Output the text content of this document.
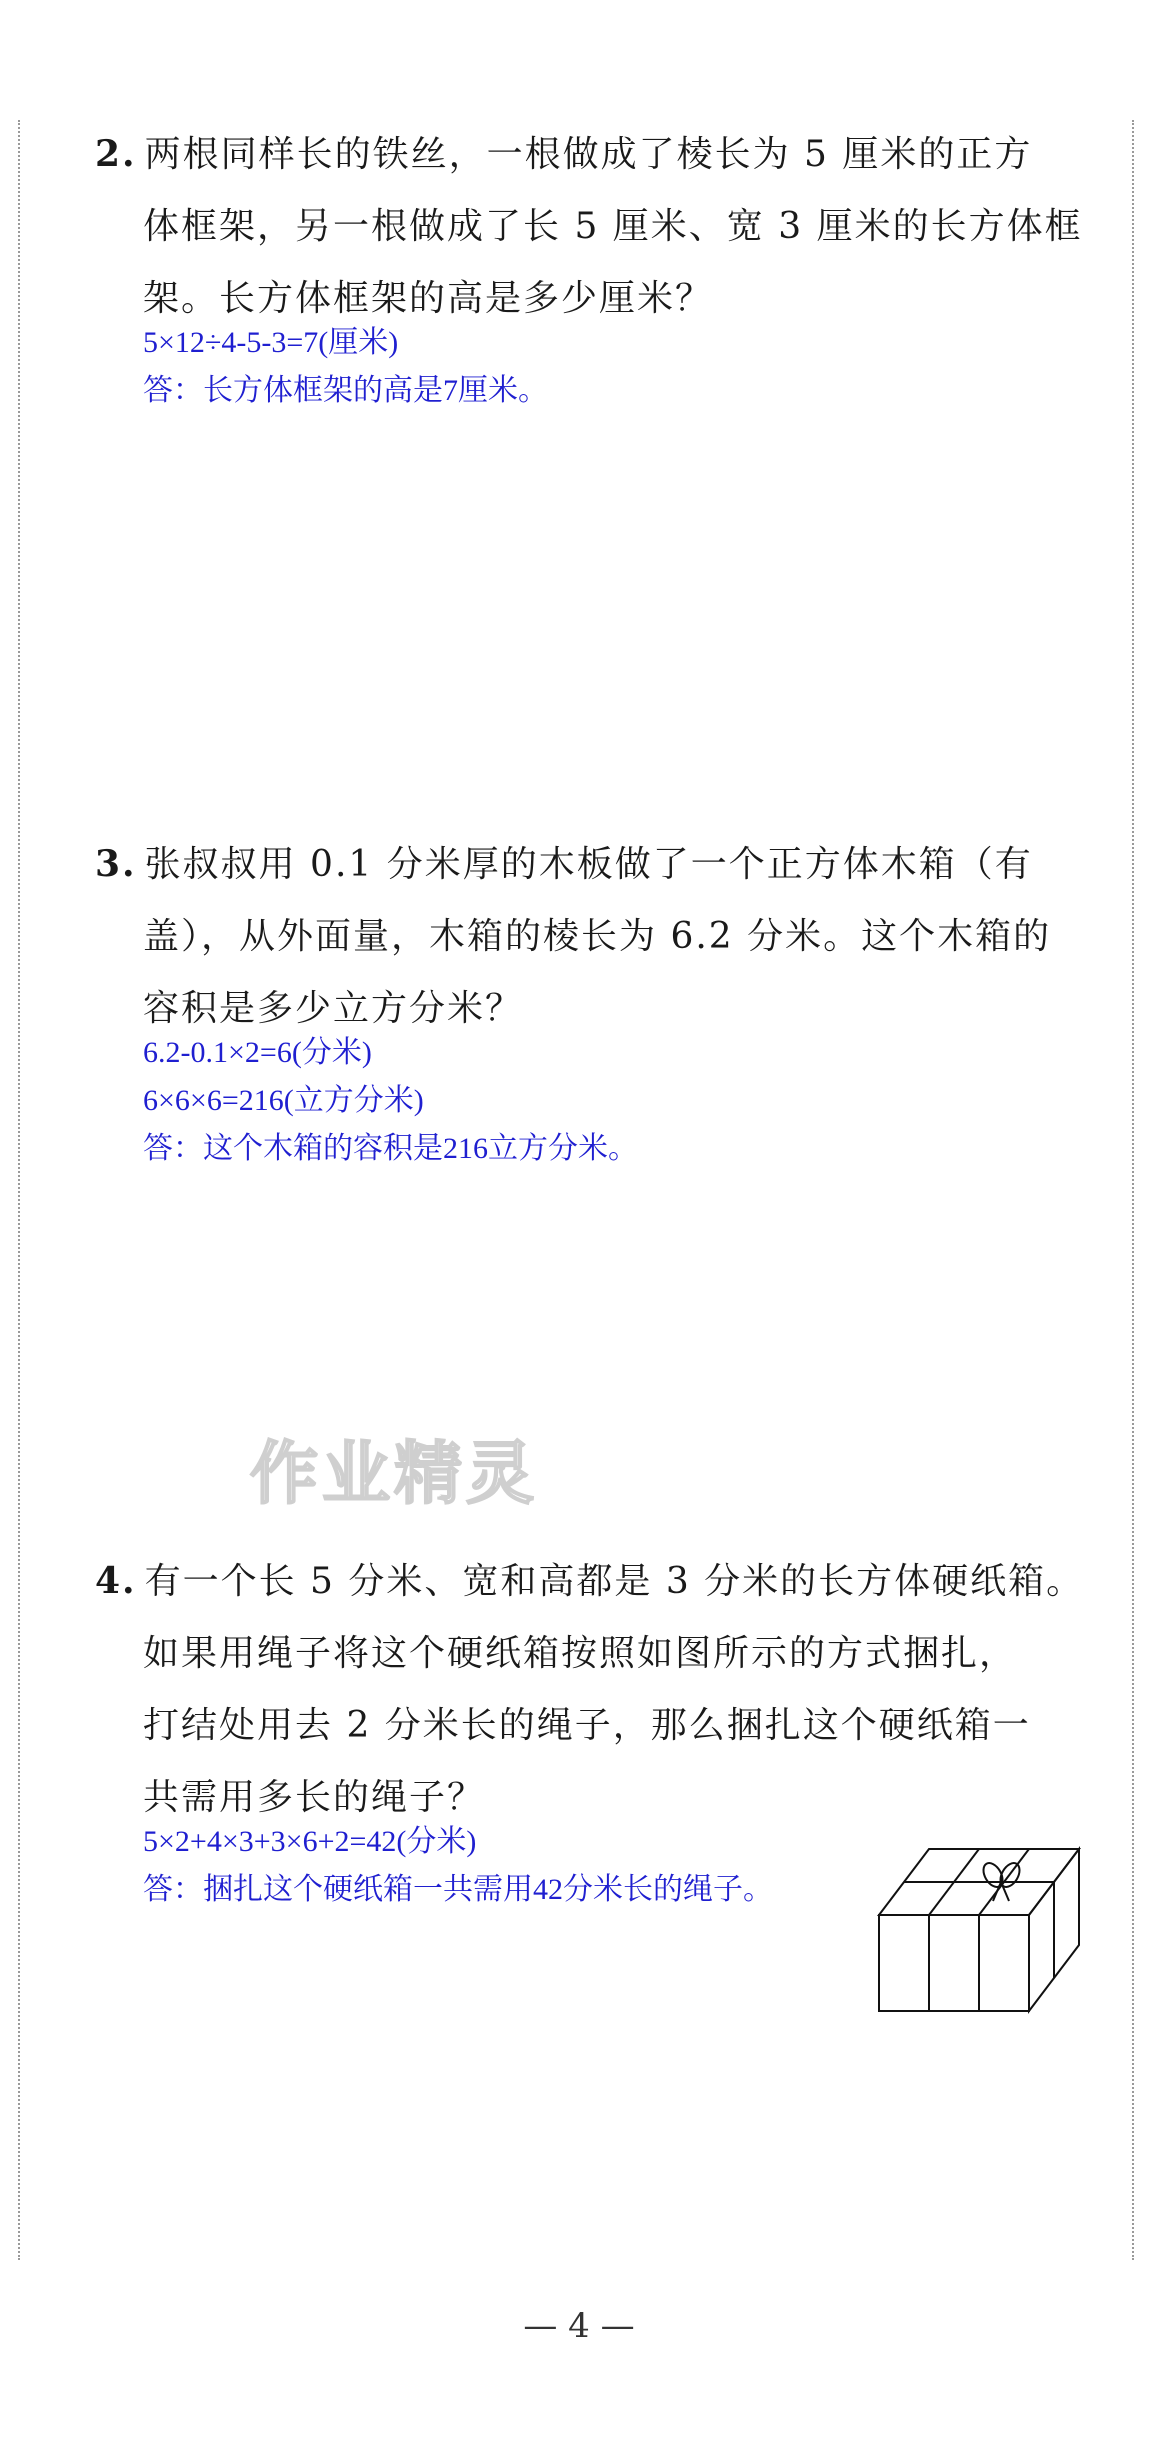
2. 两根同样长的铁丝，一根做成了棱长为 5 厘米的正方
体框架，另一根做成了长 5 厘米、宽 3 厘米的长方体框
架。长方体框架的高是多少厘米？

5×12÷4-5-3=7(厘米)

答：长方体框架的高是7厘米。

3. 张叔叔用 0.1 分米厚的木板做了一个正方体木箱（有
盖），从外面量，木箱的棱长为 6.2 分米。这个木箱的
容积是多少立方分米？

6.2-0.1×2=6(分米)

6×6×6=216(立方分米)

答：这个木箱的容积是216立方分米。

作业精灵

4. 有一个长 5 分米、宽和高都是 3 分米的长方体硬纸箱。
如果用绳子将这个硬纸箱按照如图所示的方式捆扎，
打结处用去 2 分米长的绳子，那么捆扎这个硬纸箱一
共需用多长的绳子？

5×2+4×3+3×6+2=42(分米)

答：捆扎这个硬纸箱一共需用42分米长的绳子。

— 4 —
